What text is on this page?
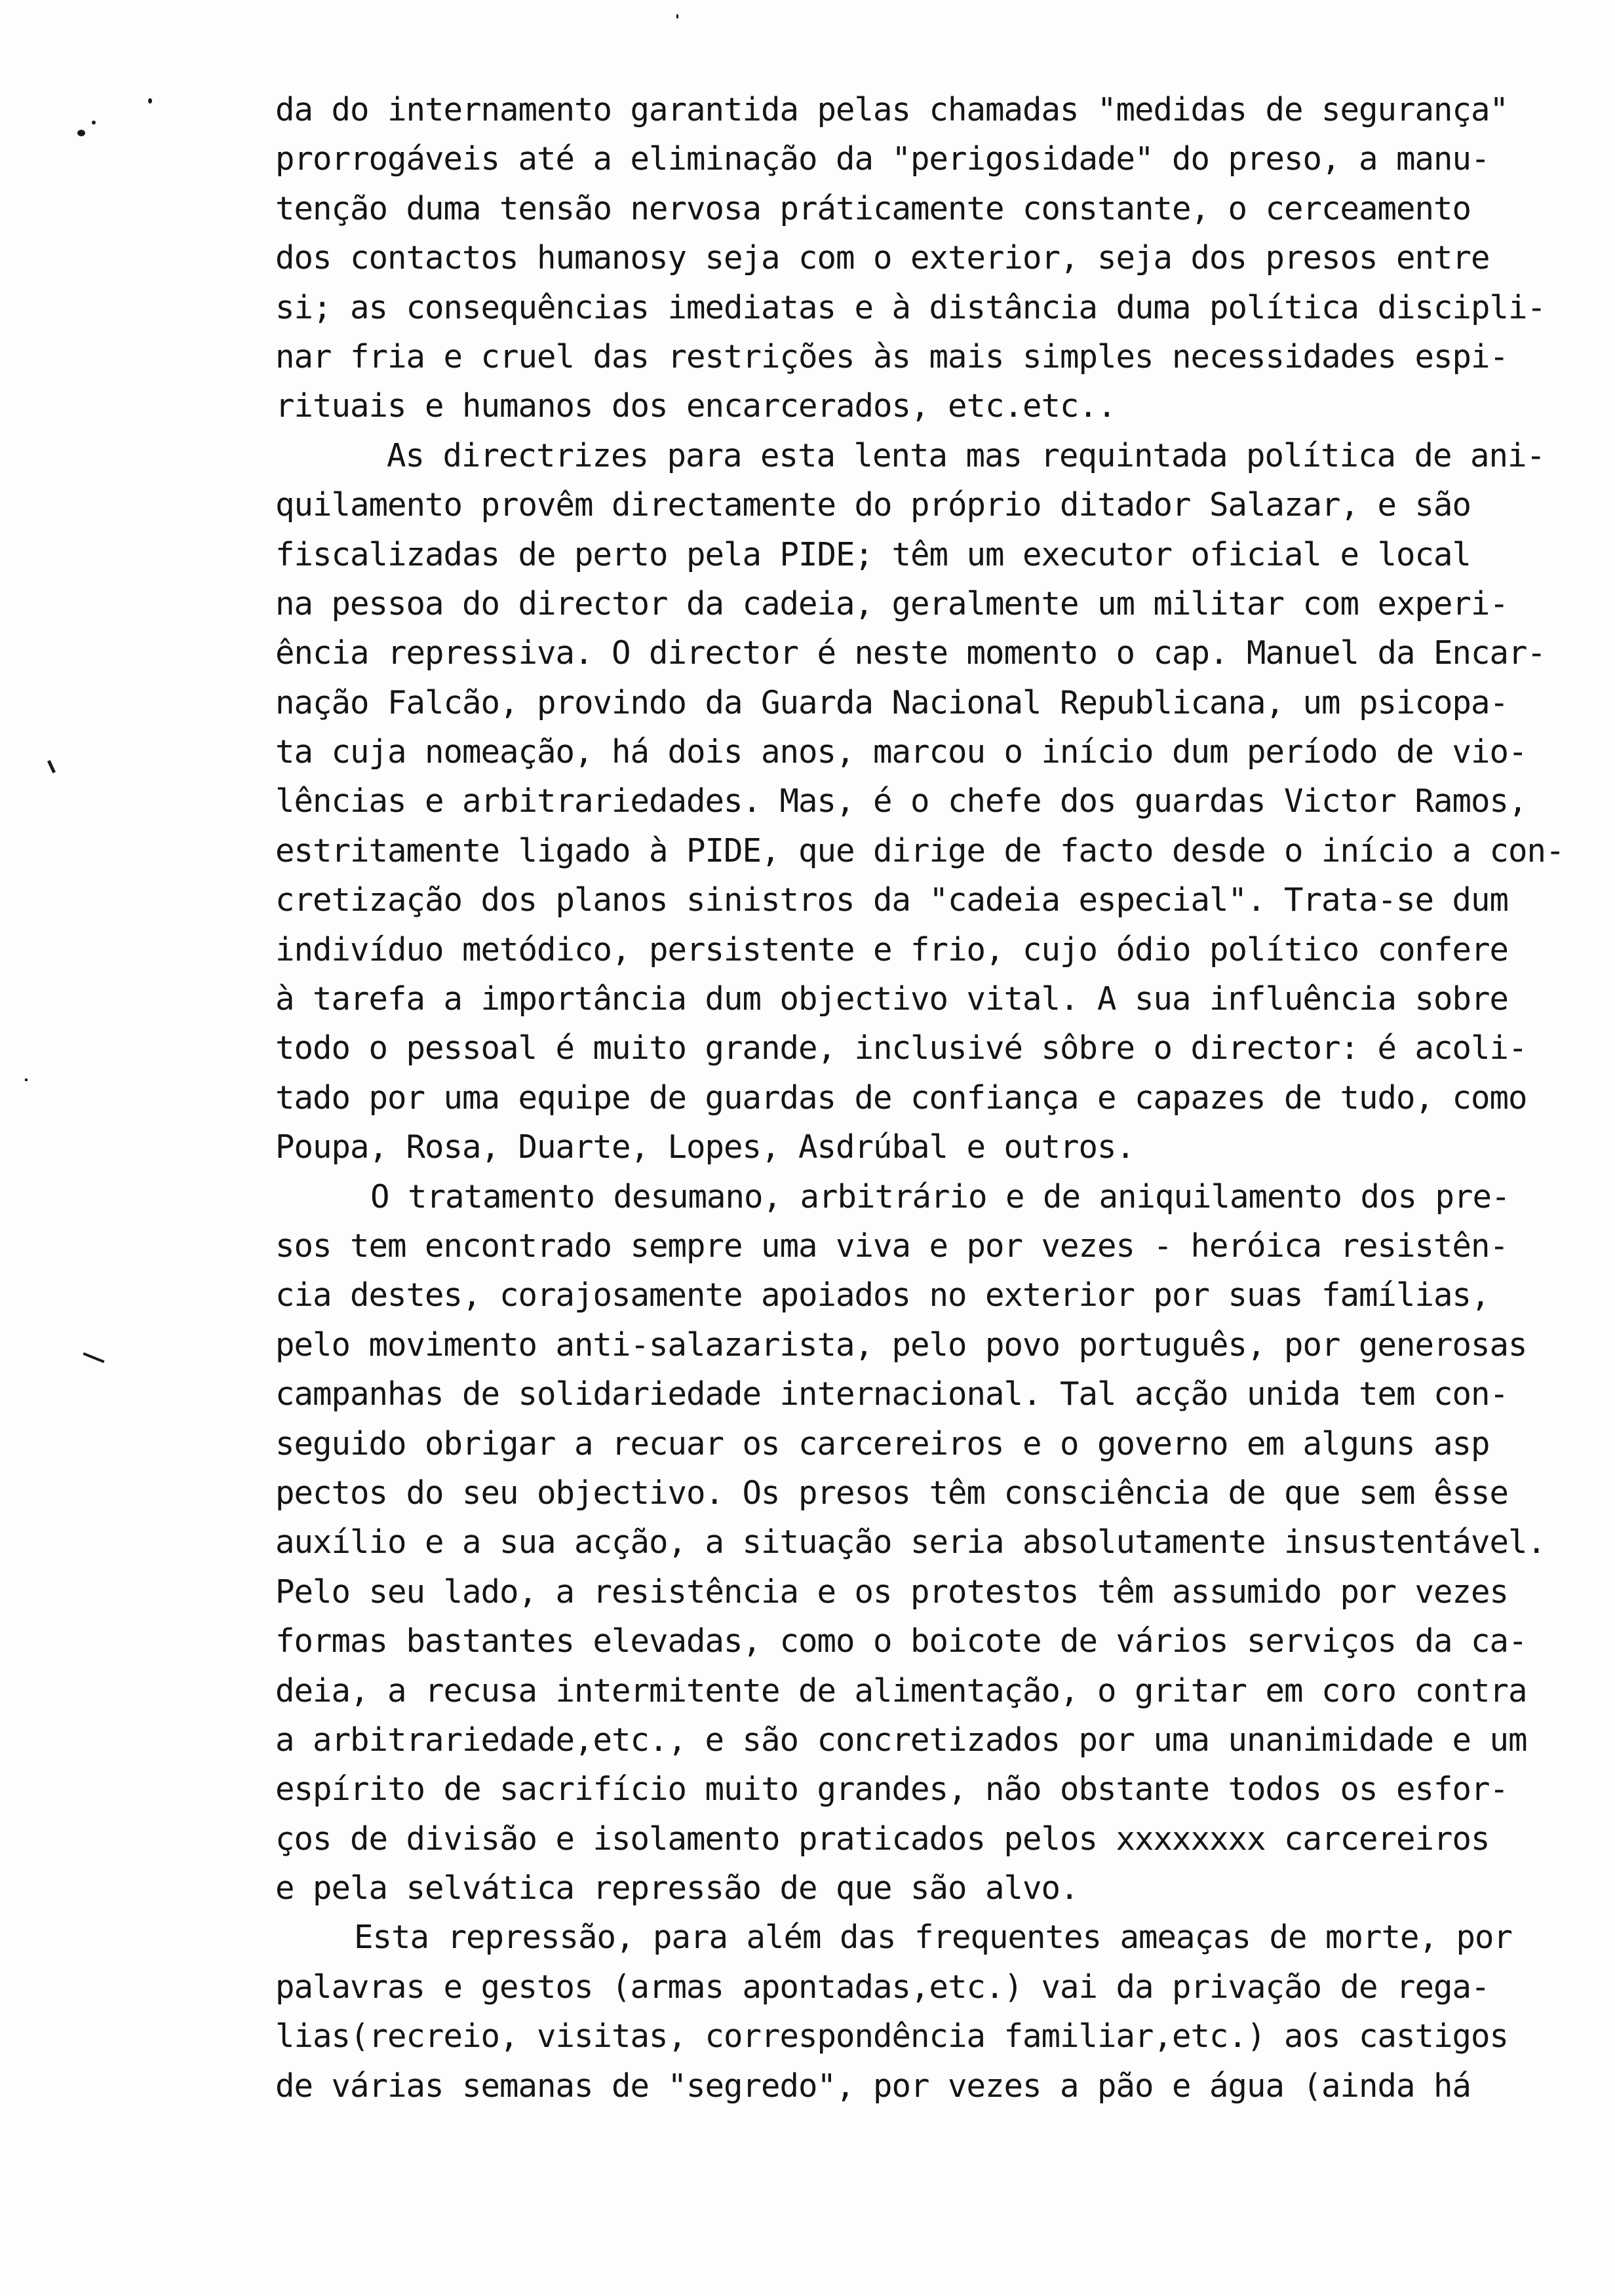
da do internamento garantida pelas chamadas "medidas de segurança"
prorrogáveis até a eliminação da "perigosidade" do preso, a manu-
tenção duma tensão nervosa práticamente constante, o cerceamento
dos contactos humanosy seja com o exterior, seja dos presos entre
si; as consequências imediatas e à distância duma política discipli-
nar fria e cruel das restrições às mais simples necessidades espi-
rituais e humanos dos encarcerados, etc.etc..
As directrizes para esta lenta mas requintada política de ani-
quilamento provêm directamente do próprio ditador Salazar, e são
fiscalizadas de perto pela PIDE; têm um executor oficial e local
na pessoa do director da cadeia, geralmente um militar com experi-
ência repressiva. O director é neste momento o cap. Manuel da Encar-
nação Falcão, provindo da Guarda Nacional Republicana, um psicopa-
ta cuja nomeação, há dois anos, marcou o início dum período de vio-
lências e arbitrariedades. Mas, é o chefe dos guardas Victor Ramos,
estritamente ligado à PIDE, que dirige de facto desde o início a con-
cretização dos planos sinistros da "cadeia especial". Trata-se dum
indivíduo metódico, persistente e frio, cujo ódio político confere
à tarefa a importância dum objectivo vital. A sua influência sobre
todo o pessoal é muito grande, inclusivé sôbre o director: é acoli-
tado por uma equipe de guardas de confiança e capazes de tudo, como
Poupa, Rosa, Duarte, Lopes, Asdrúbal e outros.
O tratamento desumano, arbitrário e de aniquilamento dos pre-
sos tem encontrado sempre uma viva e por vezes - heróica resistên-
cia destes, corajosamente apoiados no exterior por suas famílias,
pelo movimento anti-salazarista, pelo povo português, por generosas
campanhas de solidariedade internacional. Tal acção unida tem con-
seguido obrigar a recuar os carcereiros e o governo em alguns asp
pectos do seu objectivo. Os presos têm consciência de que sem êsse
auxílio e a sua acção, a situação seria absolutamente insustentável.
Pelo seu lado, a resistência e os protestos têm assumido por vezes
formas bastantes elevadas, como o boicote de vários serviços da ca-
deia, a recusa intermitente de alimentação, o gritar em coro contra
a arbitrariedade,etc., e são concretizados por uma unanimidade e um
espírito de sacrifício muito grandes, não obstante todos os esfor-
ços de divisão e isolamento praticados pelos xxxxxxxx carcereiros
e pela selvática repressão de que são alvo.
Esta repressão, para além das frequentes ameaças de morte, por
palavras e gestos (armas apontadas,etc.) vai da privação de rega-
lias(recreio, visitas, correspondência familiar,etc.) aos castigos
de várias semanas de "segredo", por vezes a pão e água (ainda há
